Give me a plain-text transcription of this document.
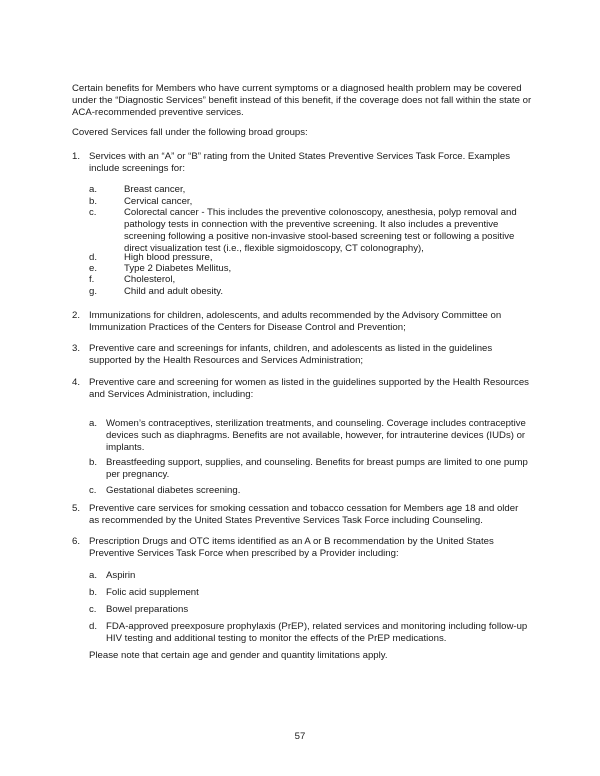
Certain benefits for Members who have current symptoms or a diagnosed health problem may be covered under the “Diagnostic Services” benefit instead of this benefit, if the coverage does not fall within the state or ACA-recommended preventive services.

Covered Services fall under the following broad groups:

1. Services with an “A” or “B” rating from the United States Preventive Services Task Force. Examples include screenings for:
a.	Breast cancer,
b.	Cervical cancer,
c.	Colorectal cancer - This includes the preventive colonoscopy, anesthesia, polyp removal and pathology tests in connection with the preventive screening. It also includes a preventive screening following a positive non-invasive stool-based screening test or following a positive direct visualization test (i.e., flexible sigmoidoscopy, CT colonography),
d.	High blood pressure,
e.	Type 2 Diabetes Mellitus,
f.	Cholesterol,
g.	Child and adult obesity.
2. Immunizations for children, adolescents, and adults recommended by the Advisory Committee on Immunization Practices of the Centers for Disease Control and Prevention;
3. Preventive care and screenings for infants, children, and adolescents as listed in the guidelines supported by the Health Resources and Services Administration;
4. Preventive care and screening for women as listed in the guidelines supported by the Health Resources and Services Administration, including:
a. Women’s contraceptives, sterilization treatments, and counseling. Coverage includes contraceptive devices such as diaphragms. Benefits are not available, however, for intrauterine devices (IUDs) or implants.
b. Breastfeeding support, supplies, and counseling. Benefits for breast pumps are limited to one pump per pregnancy.
c. Gestational diabetes screening.
5. Preventive care services for smoking cessation and tobacco cessation for Members age 18 and older as recommended by the United States Preventive Services Task Force including Counseling.
6. Prescription Drugs and OTC items identified as an A or B recommendation by the United States Preventive Services Task Force when prescribed by a Provider including:
a. Aspirin
b. Folic acid supplement
c. Bowel preparations
d. FDA-approved preexposure prophylaxis (PrEP), related services and monitoring including follow-up HIV testing and additional testing to monitor the effects of the PrEP medications.

Please note that certain age and gender and quantity limitations apply.

57
